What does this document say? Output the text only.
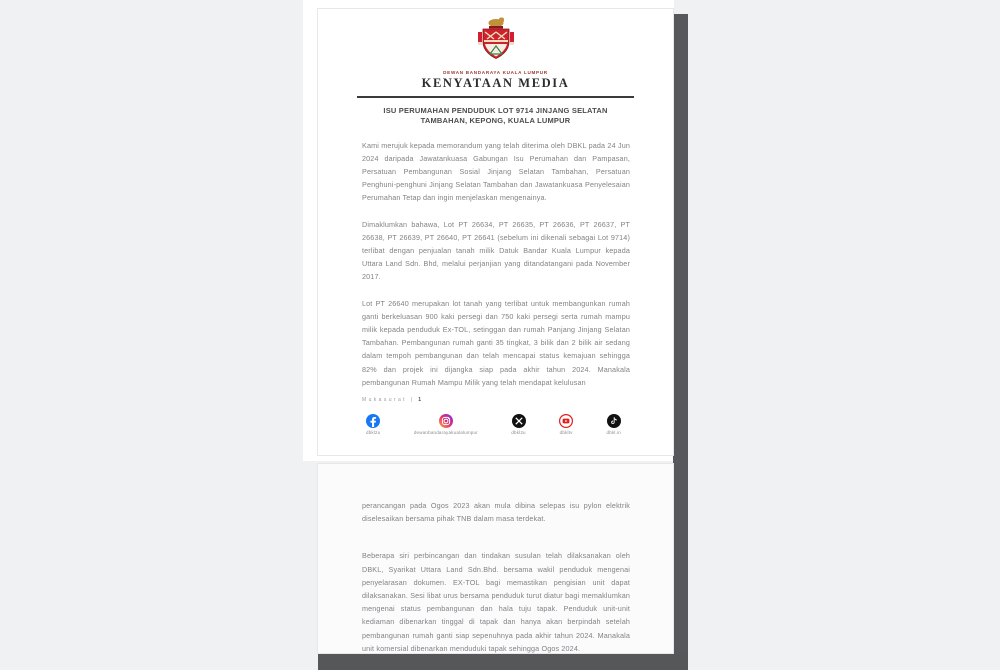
DEWAN BANDARAYA KUALA LUMPUR
KENYATAAN MEDIA
ISU PERUMAHAN PENDUDUK LOT 9714 JINJANG SELATAN TAMBAHAN, KEPONG, KUALA LUMPUR

Kami merujuk kepada memorandum yang telah diterima oleh DBKL pada 24 Jun 2024 daripada Jawatankuasa Gabungan Isu Perumahan dan Pampasan, Persatuan Pembangunan Sosial Jinjang Selatan Tambahan, Persatuan Penghuni-penghuni Jinjang Selatan Tambahan dan Jawatankuasa Penyelesaian Perumahan Tetap dan ingin menjelaskan mengenainya.

Dimaklumkan bahawa, Lot PT 26634, PT 26635, PT 26636, PT 26637, PT 26638, PT 26639, PT 26640, PT 26641 (sebelum ini dikenali sebagai Lot 9714) terlibat dengan penjualan tanah milik Datuk Bandar Kuala Lumpur kepada Uttara Land Sdn. Bhd, melalui perjanjian yang ditandatangani pada November 2017.

Lot PT 26640 merupakan lot tanah yang terlibat untuk membangunkan rumah ganti berkeluasan 900 kaki persegi dan 750 kaki persegi serta rumah mampu milik kepada penduduk Ex-TOL, setinggan dan rumah Panjang Jinjang Selatan Tambahan. Pembangunan rumah ganti 35 tingkat, 3 bilik dan 2 bilik air sedang dalam tempoh pembangunan dan telah mencapai status kemajuan sehingga 82% dan projek ini dijangka siap pada akhir tahun 2024. Manakala pembangunan Rumah Mampu Milik yang telah mendapat kelulusan

Mukasurat | 1
dbkl2u	dewanbandarayakualalumpur	dbkl2u	dbkltv	dbkl.in

perancangan pada Ogos 2023 akan mula dibina selepas isu pylon elektrik diselesaikan bersama pihak TNB dalam masa terdekat.

Beberapa siri perbincangan dan tindakan susulan telah dilaksanakan oleh DBKL, Syarikat Uttara Land Sdn.Bhd. bersama wakil penduduk mengenai penyelarasan dokumen. EX-TOL bagi memastikan pengisian unit dapat dilaksanakan. Sesi libat urus bersama penduduk turut diatur bagi memaklumkan mengenai status pembangunan dan hala tuju tapak. Penduduk unit-unit kediaman dibenarkan tinggal di tapak dan hanya akan berpindah setelah pembangunan rumah ganti siap sepenuhnya pada akhir tahun 2024. Manakala unit komersial dibenarkan menduduki tapak sehingga Ogos 2024.
